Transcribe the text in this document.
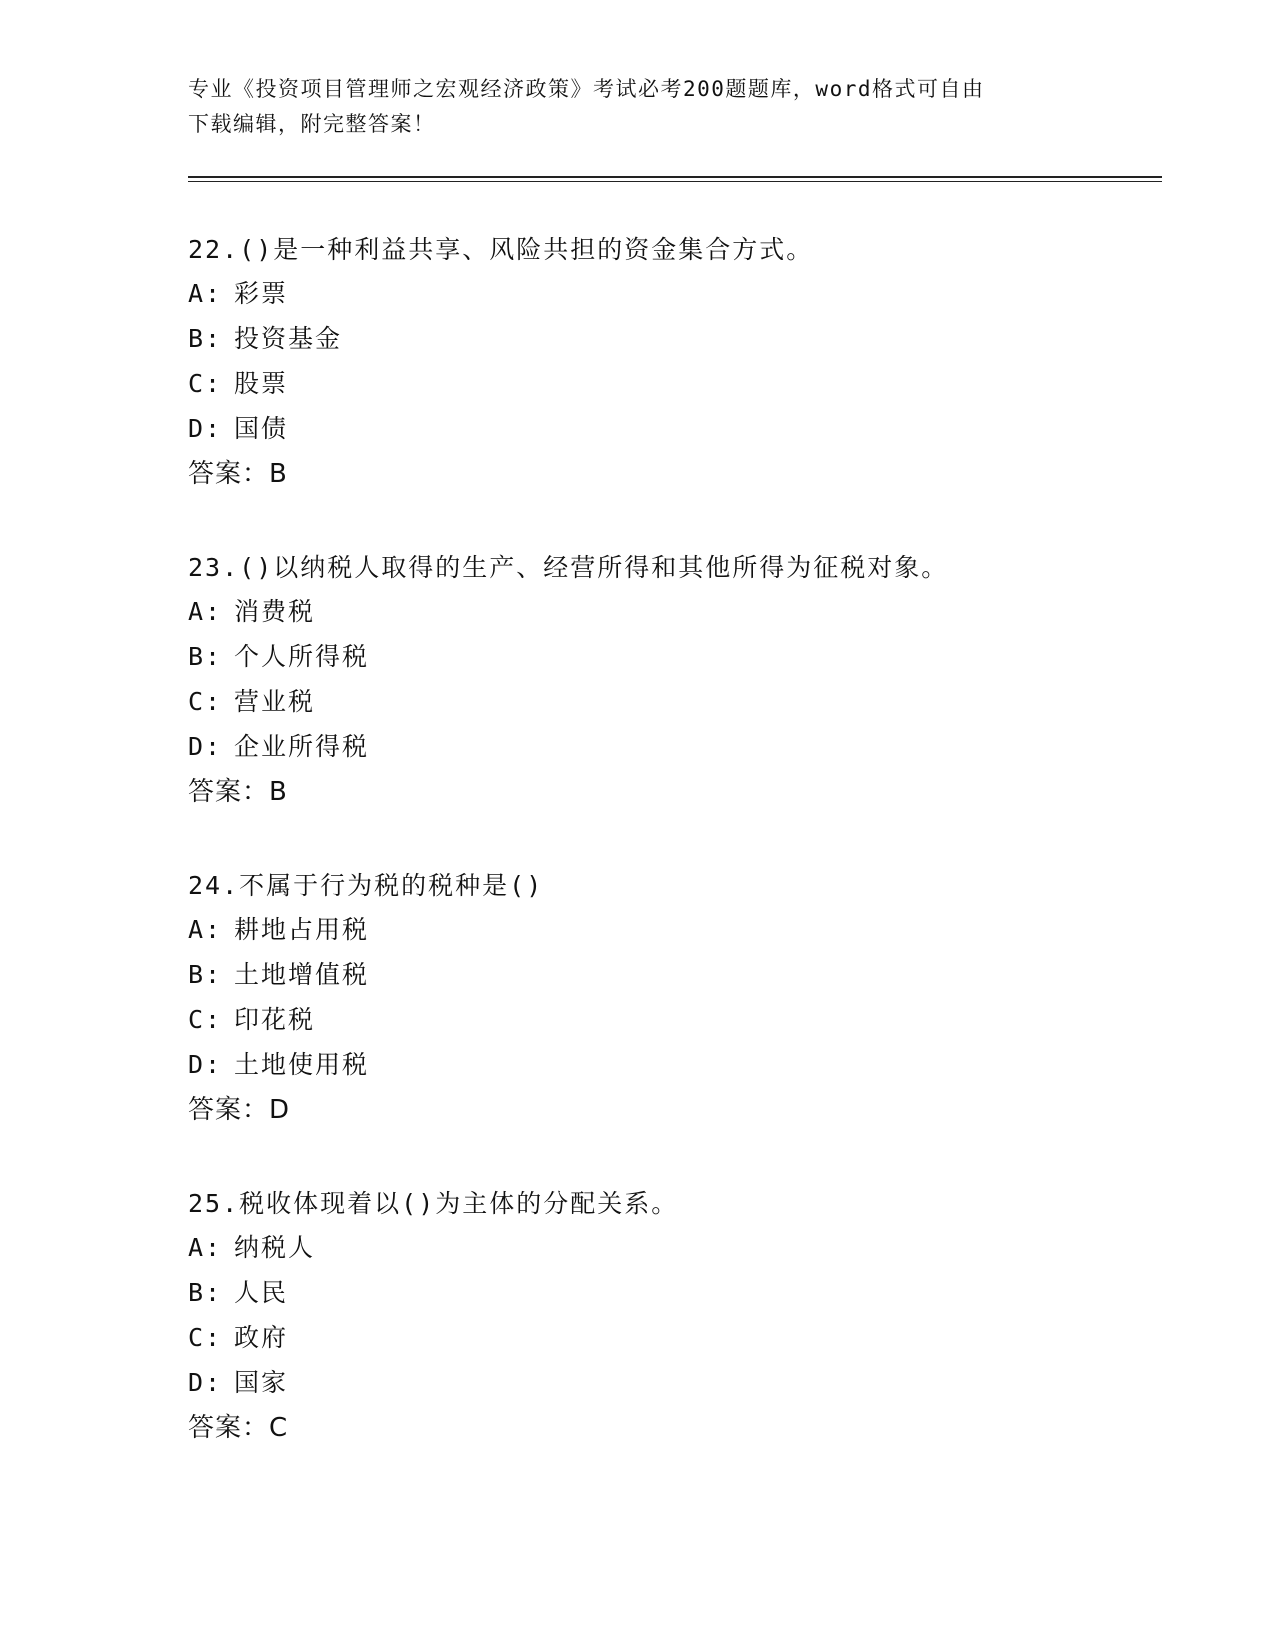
专业《投资项目管理师之宏观经济政策》考试必考200题题库，word格式可自由
下载编辑，附完整答案！
22.()是一种利益共享、风险共担的资金集合方式。
A: 彩票
B: 投资基金
C: 股票
D: 国债
答案：B
23.()以纳税人取得的生产、经营所得和其他所得为征税对象。
A: 消费税
B: 个人所得税
C: 营业税
D: 企业所得税
答案：B
24.不属于行为税的税种是()
A: 耕地占用税
B: 土地增值税
C: 印花税
D: 土地使用税
答案：D
25.税收体现着以()为主体的分配关系。
A: 纳税人
B: 人民
C: 政府
D: 国家
答案：C
